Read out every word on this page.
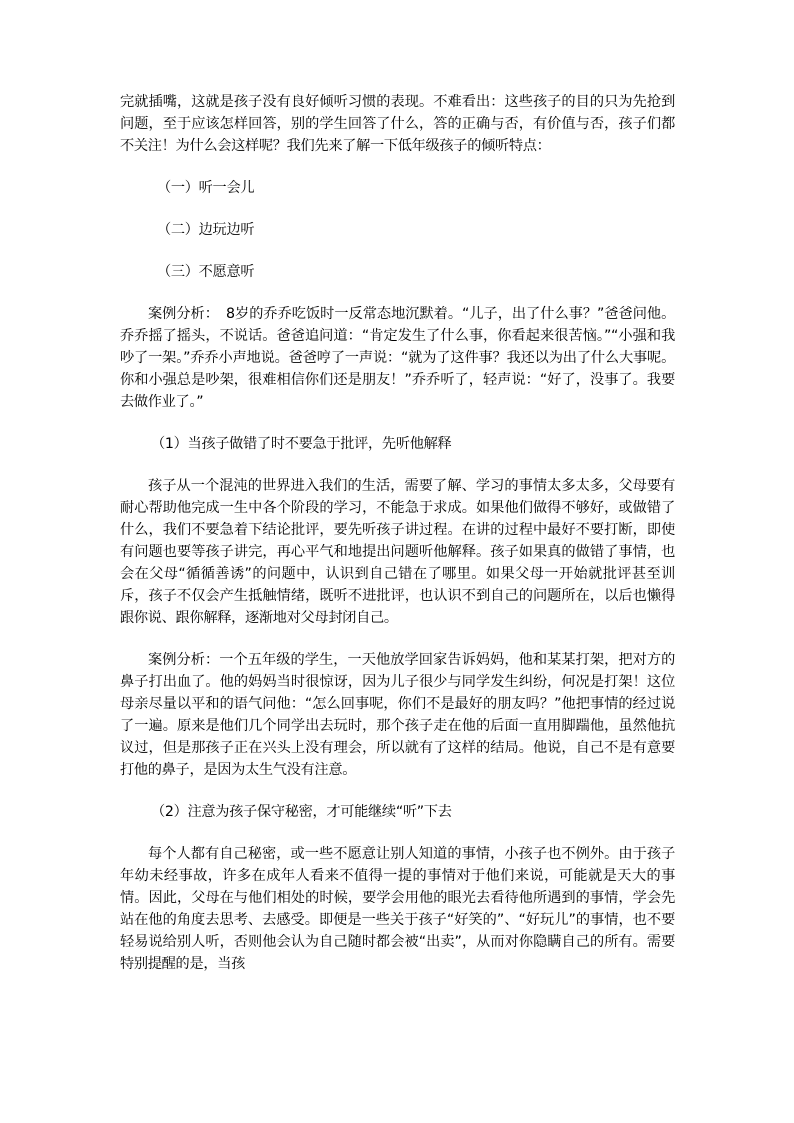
完就插嘴，这就是孩子没有良好倾听习惯的表现。不难看出：这些孩子的目的只为先抢到问题，至于应该怎样回答，别的学生回答了什么，答的正确与否，有价值与否，孩子们都不关注！为什么会这样呢？我们先来了解一下低年级孩子的倾听特点：

（一）听一会儿

（二）边玩边听

（三）不愿意听

案例分析：　8岁的乔乔吃饭时一反常态地沉默着。“儿子，出了什么事？”爸爸问他。乔乔摇了摇头，不说话。爸爸追问道：“肯定发生了什么事，你看起来很苦恼。”“小强和我吵了一架。”乔乔小声地说。爸爸哼了一声说：“就为了这件事？我还以为出了什么大事呢。你和小强总是吵架，很难相信你们还是朋友！”乔乔听了，轻声说：“好了，没事了。我要去做作业了。”

（1）当孩子做错了时不要急于批评，先听他解释

孩子从一个混沌的世界进入我们的生活，需要了解、学习的事情太多太多，父母要有耐心帮助他完成一生中各个阶段的学习，不能急于求成。如果他们做得不够好，或做错了什么，我们不要急着下结论批评，要先听孩子讲过程。在讲的过程中最好不要打断，即使有问题也要等孩子讲完，再心平气和地提出问题听他解释。孩子如果真的做错了事情，也会在父母“循循善诱”的问题中，认识到自己错在了哪里。如果父母一开始就批评甚至训斥，孩子不仅会产生抵触情绪，既听不进批评，也认识不到自己的问题所在，以后也懒得跟你说、跟你解释，逐渐地对父母封闭自己。

案例分析：一个五年级的学生，一天他放学回家告诉妈妈，他和某某打架，把对方的鼻子打出血了。他的妈妈当时很惊讶，因为儿子很少与同学发生纠纷，何况是打架！这位母亲尽量以平和的语气问他：“怎么回事呢，你们不是最好的朋友吗？”他把事情的经过说了一遍。原来是他们几个同学出去玩时，那个孩子走在他的后面一直用脚踹他，虽然他抗议过，但是那孩子正在兴头上没有理会，所以就有了这样的结局。他说，自己不是有意要打他的鼻子，是因为太生气没有注意。

（2）注意为孩子保守秘密，才可能继续“听”下去

每个人都有自己秘密，或一些不愿意让别人知道的事情，小孩子也不例外。由于孩子年幼未经事故，许多在成年人看来不值得一提的事情对于他们来说，可能就是天大的事情。因此，父母在与他们相处的时候，要学会用他的眼光去看待他所遇到的事情，学会先站在他的角度去思考、去感受。即便是一些关于孩子“好笑的”、“好玩儿”的事情，也不要轻易说给别人听，否则他会认为自己随时都会被“出卖”，从而对你隐瞒自己的所有。需要特别提醒的是，当孩
